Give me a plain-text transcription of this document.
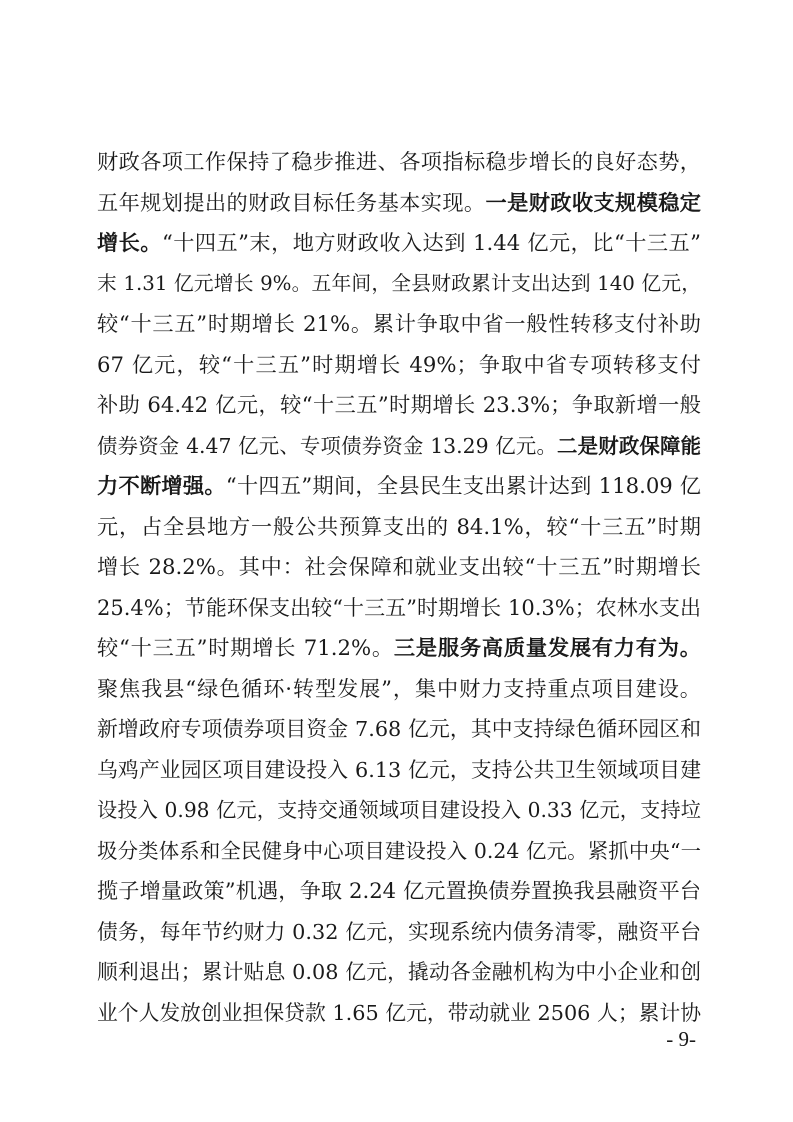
财政各项工作保持了稳步推进、各项指标稳步增长的良好态势，
五年规划提出的财政目标任务基本实现。一是财政收支规模稳定
增长。“十四五”末，地方财政收入达到 1.44 亿元，比“十三五”
末 1.31 亿元增长 9%。五年间，全县财政累计支出达到 140 亿元，
较“十三五”时期增长 21%。累计争取中省一般性转移支付补助
67 亿元，较“十三五”时期增长 49%；争取中省专项转移支付
补助 64.42 亿元，较“十三五”时期增长 23.3%；争取新增一般
债券资金 4.47 亿元、专项债券资金 13.29 亿元。二是财政保障能
力不断增强。“十四五”期间，全县民生支出累计达到 118.09 亿
元，占全县地方一般公共预算支出的 84.1%，较“十三五”时期
增长 28.2%。其中：社会保障和就业支出较“十三五”时期增长
25.4%；节能环保支出较“十三五”时期增长 10.3%；农林水支出
较“十三五”时期增长 71.2%。三是服务高质量发展有力有为。
聚焦我县“绿色循环·转型发展”，集中财力支持重点项目建设。
新增政府专项债券项目资金 7.68 亿元，其中支持绿色循环园区和
乌鸡产业园区项目建设投入 6.13 亿元，支持公共卫生领域项目建
设投入 0.98 亿元，支持交通领域项目建设投入 0.33 亿元，支持垃
圾分类体系和全民健身中心项目建设投入 0.24 亿元。紧抓中央“一
揽子增量政策”机遇，争取 2.24 亿元置换债券置换我县融资平台
债务，每年节约财力 0.32 亿元，实现系统内债务清零，融资平台
顺利退出；累计贴息 0.08 亿元，撬动各金融机构为中小企业和创
业个人发放创业担保贷款 1.65 亿元，带动就业 2506 人；累计协
- 9-
